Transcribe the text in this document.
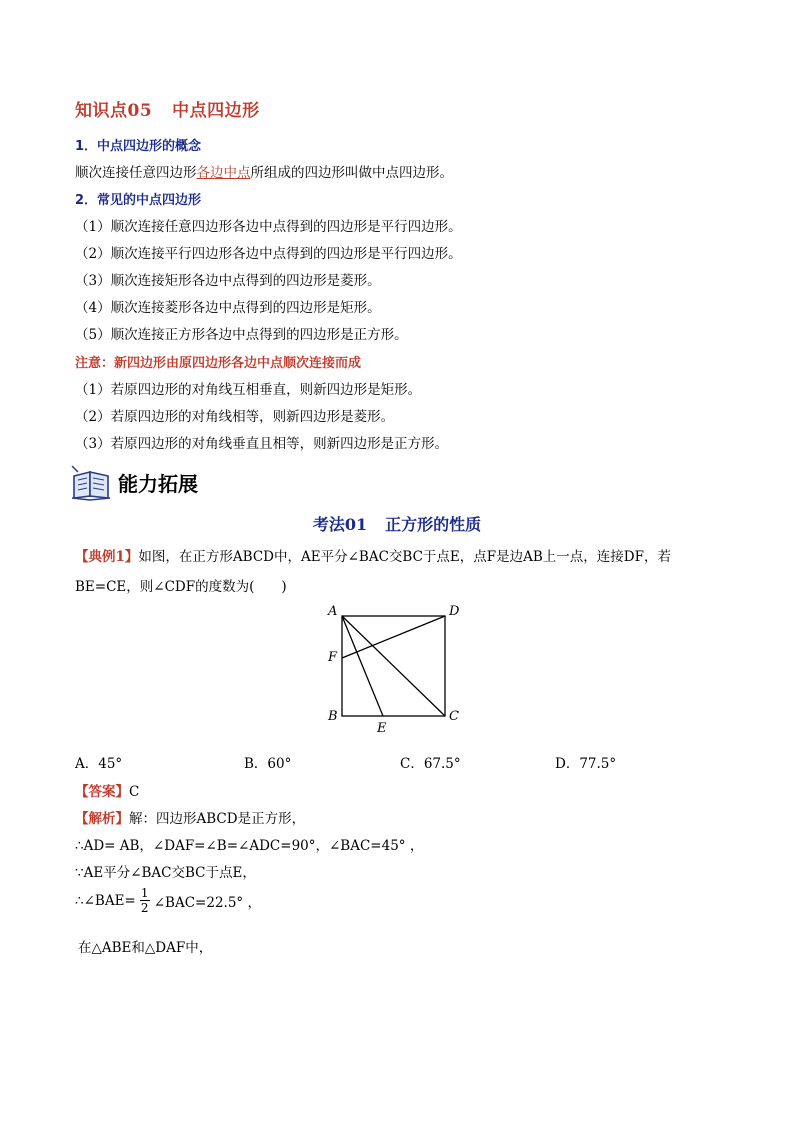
知识点05 中点四边形
1．中点四边形的概念
顺次连接任意四边形各边中点所组成的四边形叫做中点四边形。
2．常见的中点四边形
（1）顺次连接任意四边形各边中点得到的四边形是平行四边形。
（2）顺次连接平行四边形各边中点得到的四边形是平行四边形。
（3）顺次连接矩形各边中点得到的四边形是菱形。
（4）顺次连接菱形各边中点得到的四边形是矩形。
（5）顺次连接正方形各边中点得到的四边形是正方形。
注意：新四边形由原四边形各边中点顺次连接而成
（1）若原四边形的对角线互相垂直，则新四边形是矩形。
（2）若原四边形的对角线相等，则新四边形是菱形。
（3）若原四边形的对角线垂直且相等，则新四边形是正方形。
能力拓展
考法01 正方形的性质
【典例1】如图，在正方形ABCD中，AE平分∠BAC交BC于点E，点F是边AB上一点，连接DF，若
BE=CE，则∠CDF的度数为(　　)
A	D
F
B	C
E
A．45°	B．60°	C．67.5°	D．77.5°
【答案】C
【解析】解：四边形ABCD是正方形，
∴AD= AB，∠DAF=∠B=∠ADC=90°，∠BAC=45° ，
∵AE平分∠BAC交BC于点E，
∴∠BAE= 1
2 ∠BAC=22.5° ，
在△ABE和△DAF中，
